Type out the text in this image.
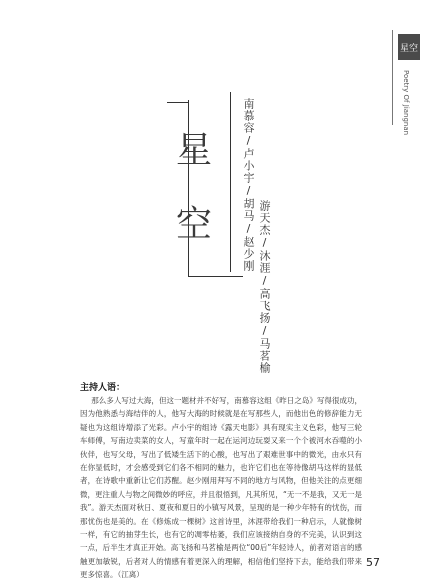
星空
Poetry Of Jiangnan
星
空	南慕容/卢小宇/胡马/赵少刚
游天杰/沐涯/高飞扬/马茗榆
主持人语：

那么多人写过大海，但这一题材并不好写，南慕容这组《昨日之岛》写得很成功，因为他熟悉与海结伴的人，他写大海的时候就是在写那些人，而他出色的修辞能力无疑也为这组诗增添了光彩。卢小宇的组诗《露天电影》具有现实主义色彩，他写三轮车师傅，写南边卖菜的女人，写童年时一起在运河边玩耍又来一个个被河水吞噬的小伙伴，也写父母，写出了低矮生活下的心酸，也写出了艰难世事中的微光，由水只有在你显低时，才会感受到它们各不相同的魅力，也许它们也在等待像胡马这样的显低者，在诗歌中重新让它们苏醒。赵少刚用拜写不同的地方与风物，但他关注的点更细微，更注重人与物之间微妙的呼应，并且很悟到，凡其所见，“无一不是我，又无一是我”。游天杰面对秋日、夏夜和夏日的小镇写风景，呈现的是一种少年特有的忧伤，而那忧伤也是美的。在《修炼成一棵树》这首诗里，沐涯带给我们一种启示，人就像树一样，有它的抽芽生长，也有它的凋零枯萎，我们应该接纳自身的不完美，认识到这一点，后半生才真正开始。高飞扬和马茗榆是两位“00后”年轻诗人，前者对语言的感触更加敏锐，后者对人的情感有着更深入的理解，相信他们坚持下去，能给我们带来更多惊喜。（江离）

57
